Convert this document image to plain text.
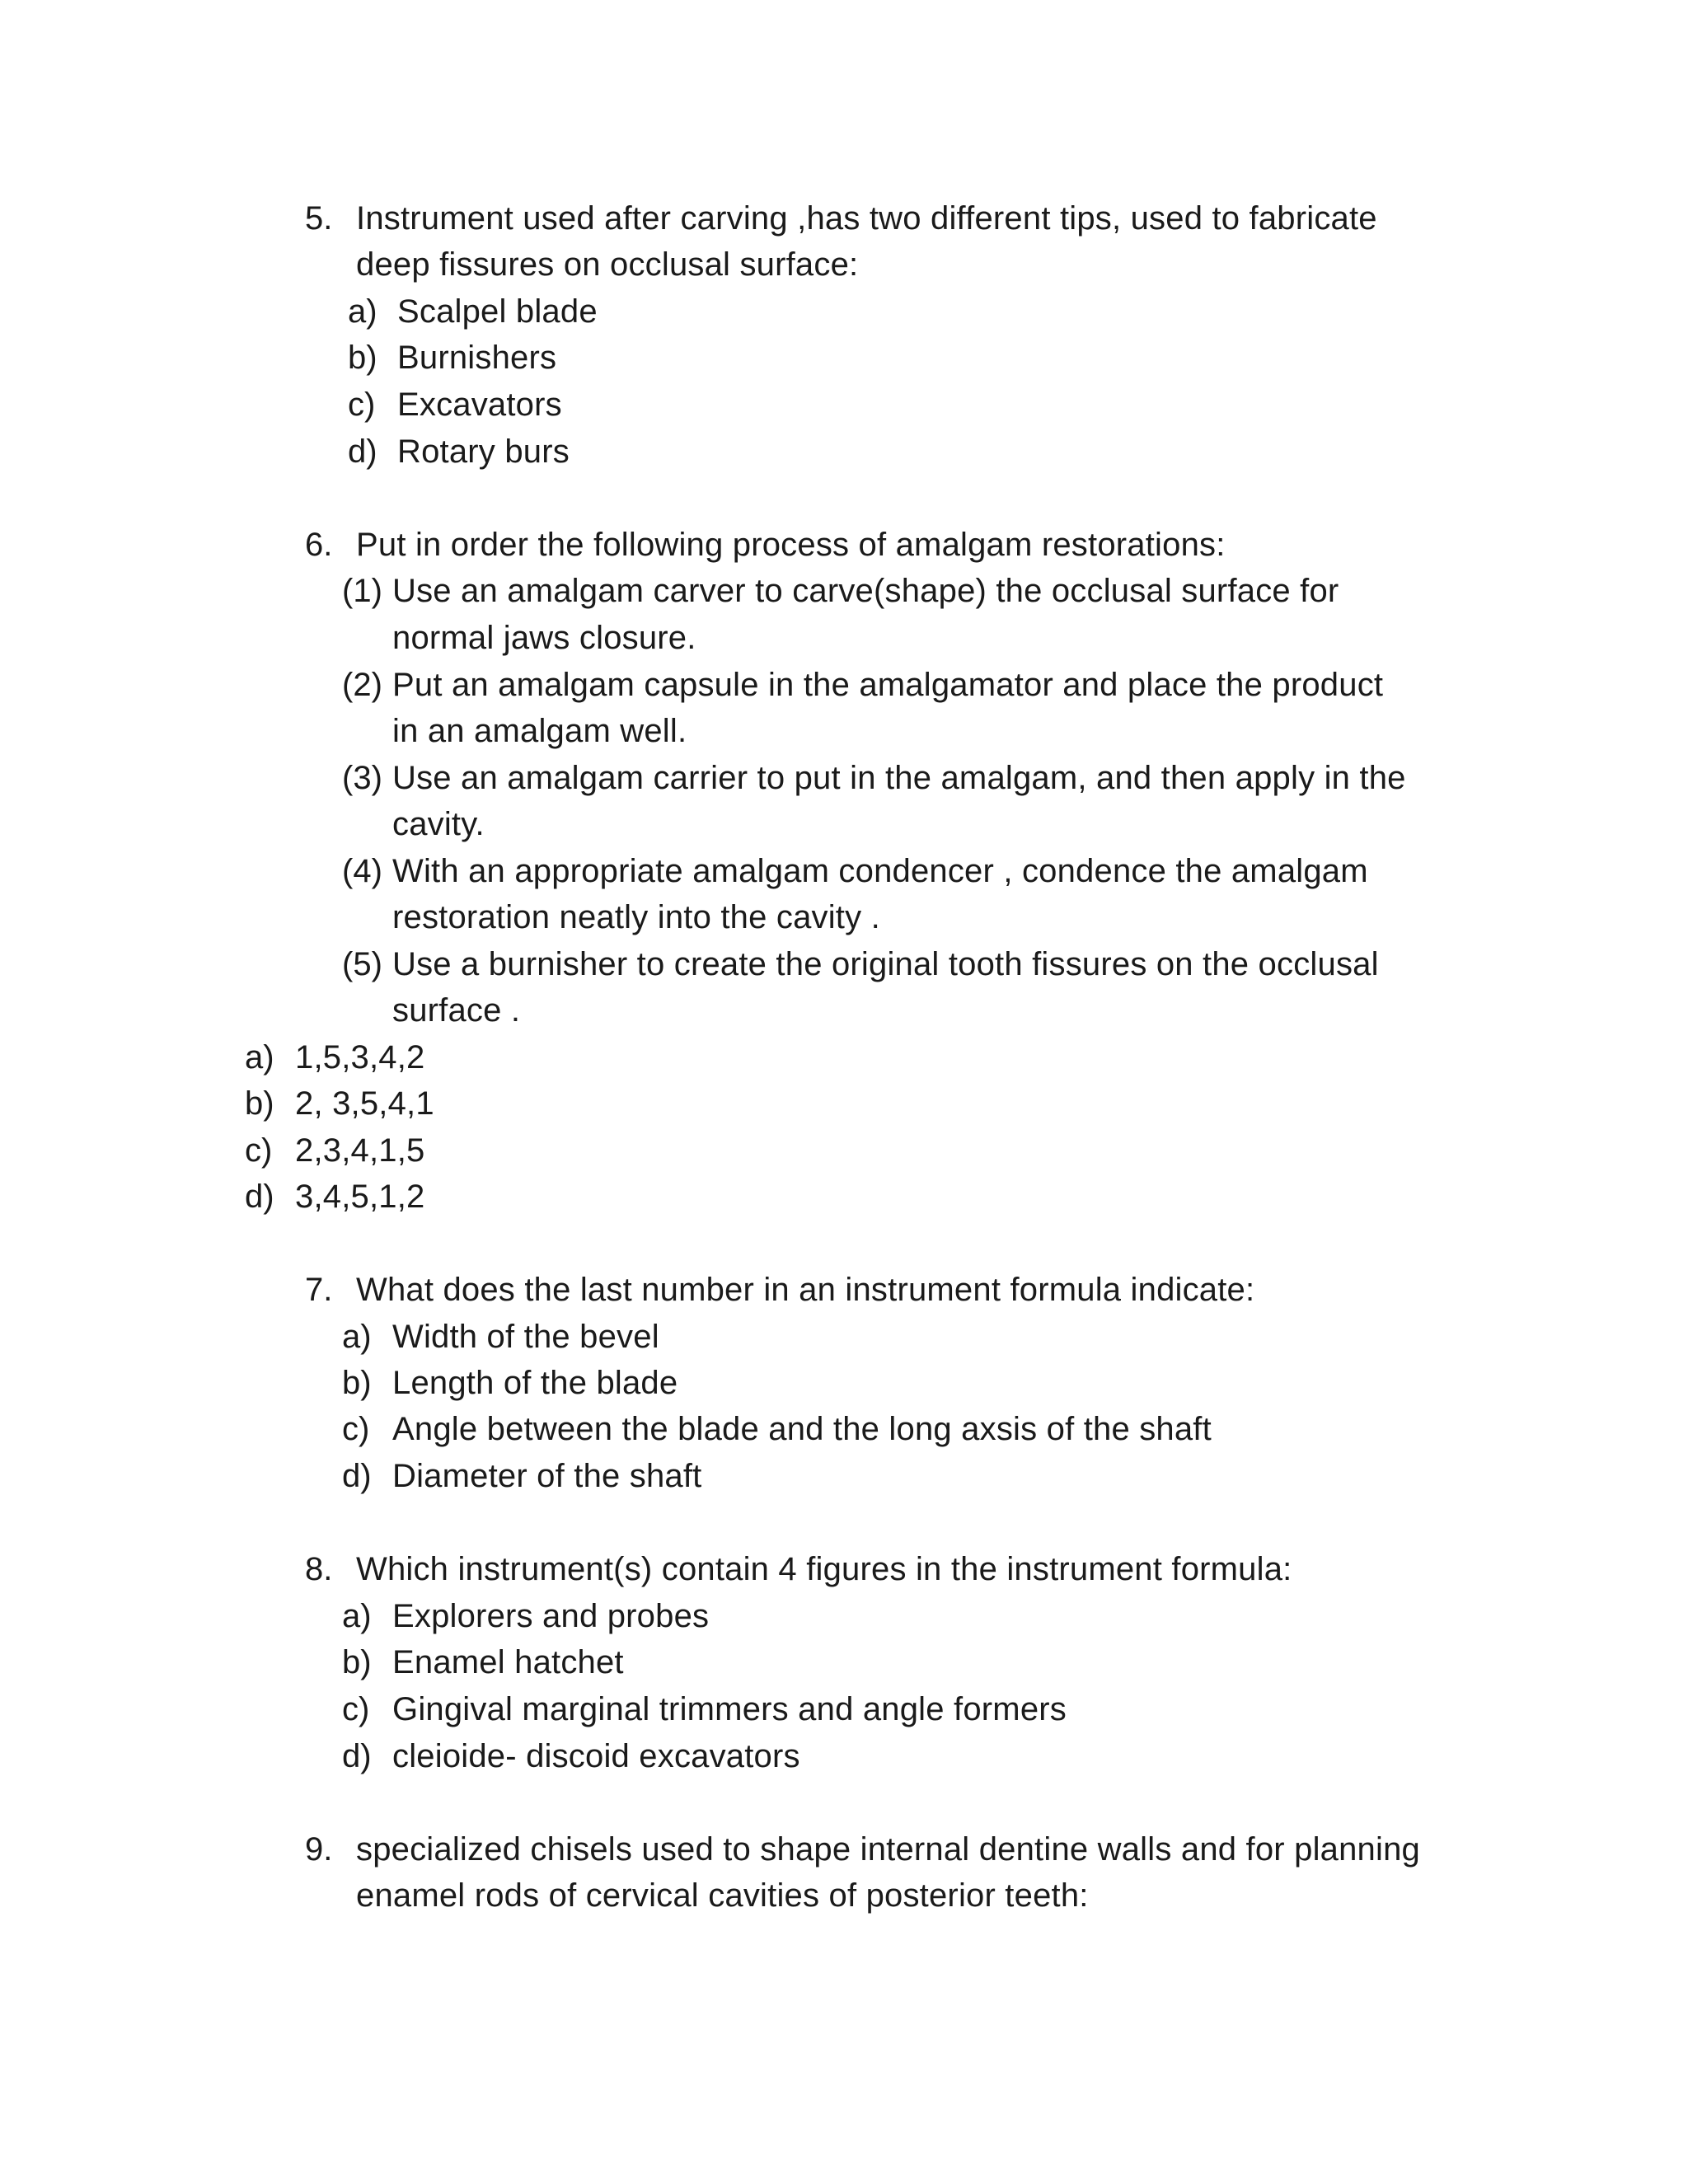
5. Instrument used after carving ,has two different tips, used to fabricate
deep fissures on occlusal surface:
a) Scalpel blade
b) Burnishers
c) Excavators
d) Rotary burs
6. Put in order the following process of amalgam restorations:
(1) Use an amalgam carver to carve(shape) the occlusal surface for
normal jaws closure.
(2) Put an amalgam capsule in the amalgamator and place the product
in an amalgam well.
(3) Use an amalgam carrier to put in the amalgam, and then apply in the
cavity.
(4) With an appropriate amalgam condencer , condence the amalgam
restoration neatly into the cavity .
(5) Use a burnisher to create the original tooth fissures on the occlusal
surface .
a) 1,5,3,4,2
b) 2, 3,5,4,1
c) 2,3,4,1,5
d) 3,4,5,1,2
7. What does the last number in an instrument formula indicate:
a) Width of the bevel
b) Length of the blade
c) Angle between the blade and the long axsis of the shaft
d) Diameter of the shaft
8. Which instrument(s) contain 4 figures in the instrument formula:
a) Explorers and probes
b) Enamel hatchet
c) Gingival marginal trimmers and angle formers
d) cleioide- discoid excavators
9. specialized chisels used to shape internal dentine walls and for planning
enamel rods of cervical cavities of posterior teeth:
